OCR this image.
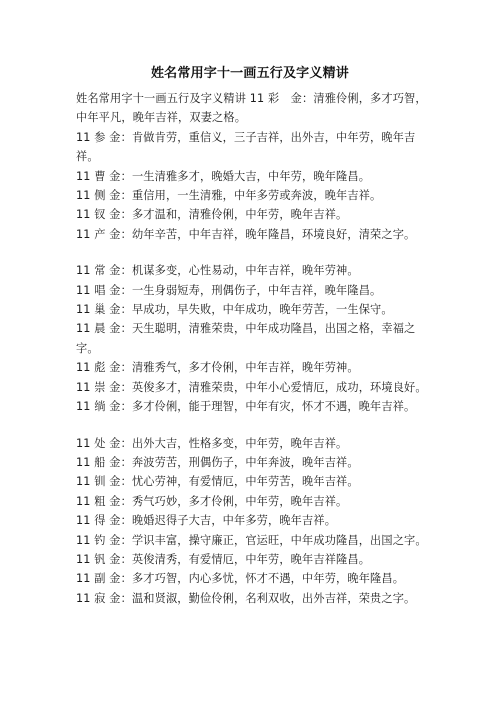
姓名常用字十一画五行及字义精讲

姓名常用字十一画五行及字义精讲 11 彩　金：清雅伶俐，多才巧智，中年平凡，晚年吉祥，双妻之格。

11 参 金：肯做肯劳，重信义，三子吉祥，出外吉，中年劳，晚年吉祥。

11 曹 金：一生清雅多才，晚婚大吉，中年劳，晚年隆昌。

11 侧 金：重信用，一生清雅，中年多劳或奔波，晚年吉祥。

11 钗 金：多才温和，清雅伶俐，中年劳，晚年吉祥。

11 产 金：幼年辛苦，中年吉祥，晚年隆昌，环境良好，清荣之字。

11 常 金：机谋多变，心性易动，中年吉祥，晚年劳神。

11 唱 金：一生身弱短寿，刑偶伤子，中年吉祥，晚年隆昌。

11 巢 金：早成功，早失败，中年成功，晚年劳苦，一生保守。

11 晨 金：天生聪明，清雅荣贵，中年成功隆昌，出国之格，幸福之字。

11 彪 金：清雅秀气，多才伶俐，中年吉祥，晚年劳神。

11 崇 金：英俊多才，清雅荣贵，中年小心爱情厄，成功，环境良好。

11 绱 金：多才伶俐，能于理智，中年有灾，怀才不遇，晚年吉祥。

11 处 金：出外大吉，性格多变，中年劳，晚年吉祥。

11 船 金：奔波劳苦，刑偶伤子，中年奔波，晚年吉祥。

11 钏 金：忧心劳神，有爱情厄，中年劳苦，晚年吉祥。

11 粗 金：秀气巧妙，多才伶俐，中年劳，晚年吉祥。

11 得 金：晚婚迟得子大吉，中年多劳，晚年吉祥。

11 钓 金：学识丰富，操守廉正，官运旺，中年成功隆昌，出国之字。

11 钒 金：英俊清秀，有爱情厄，中年劳，晚年吉祥隆昌。

11 副 金：多才巧智，内心多忧，怀才不遇，中年劳，晚年隆昌。

11 寂 金：温和贤淑，勤俭伶俐，名利双收，出外吉祥，荣贵之字。
